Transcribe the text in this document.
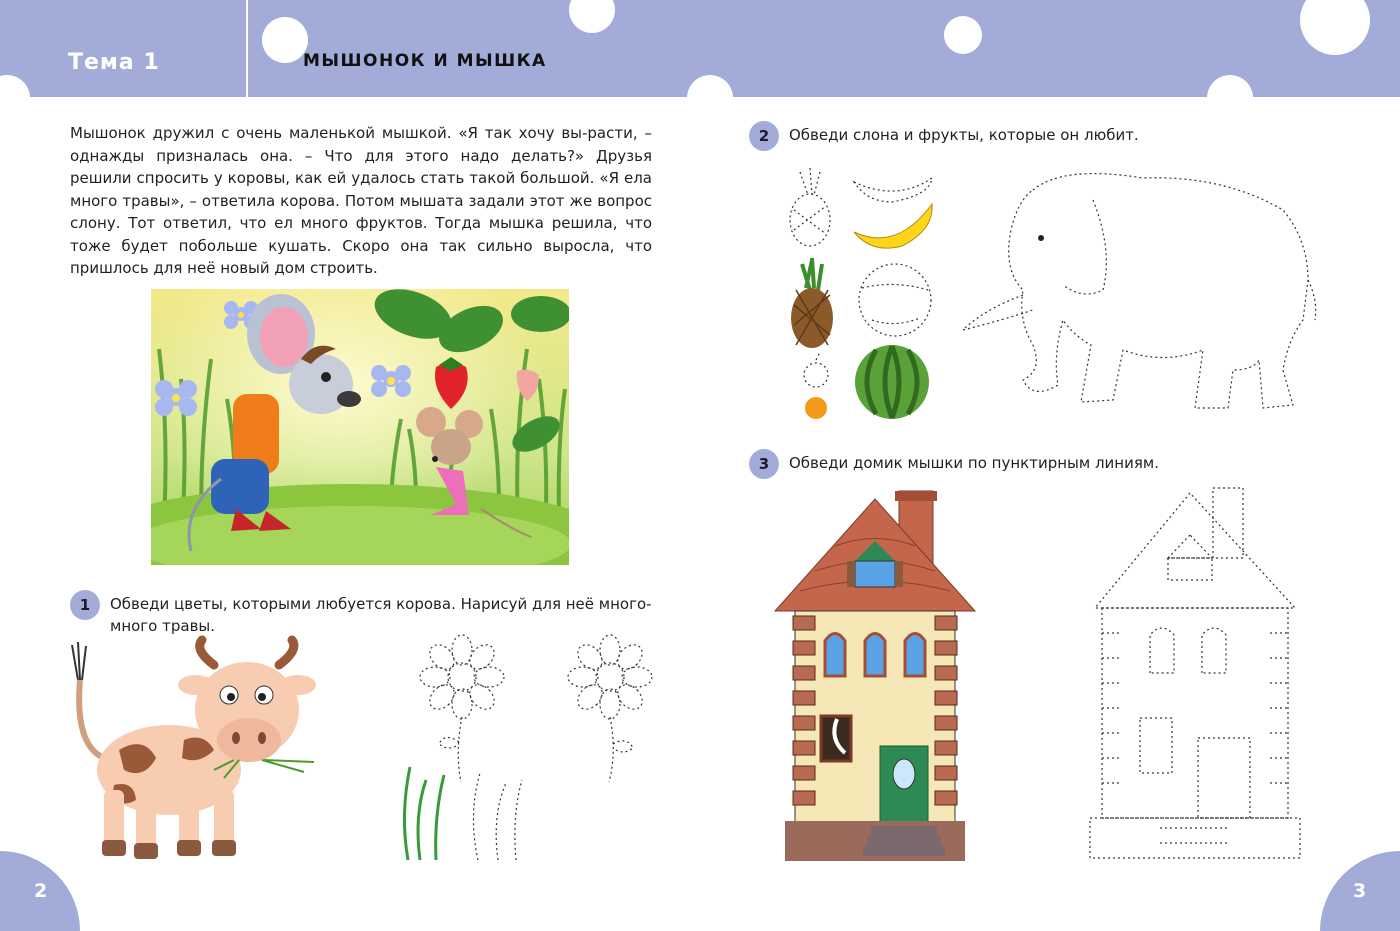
Тема 1	МЫШОНОК И МЫШКА
Мышонок дружил с очень маленькой мышкой. «Я так хочу вы-расти, – однажды призналась она. – Что для этого надо делать?» Друзья решили спросить у коровы, как ей удалось стать такой большой. «Я ела много травы», – ответила корова. Потом мышата задали этот же вопрос слону. Тот ответил, что ел много фруктов. Тогда мышка решила, что тоже будет побольше кушать. Скоро она так сильно выросла, что пришлось для неё новый дом строить.
1	Обведи цветы, которыми любуется корова. Нарисуй для неё много-много травы.
2	Обведи слона и фрукты, которые он любит.
3	Обведи домик мышки по пунктирным линиям.
2	3
